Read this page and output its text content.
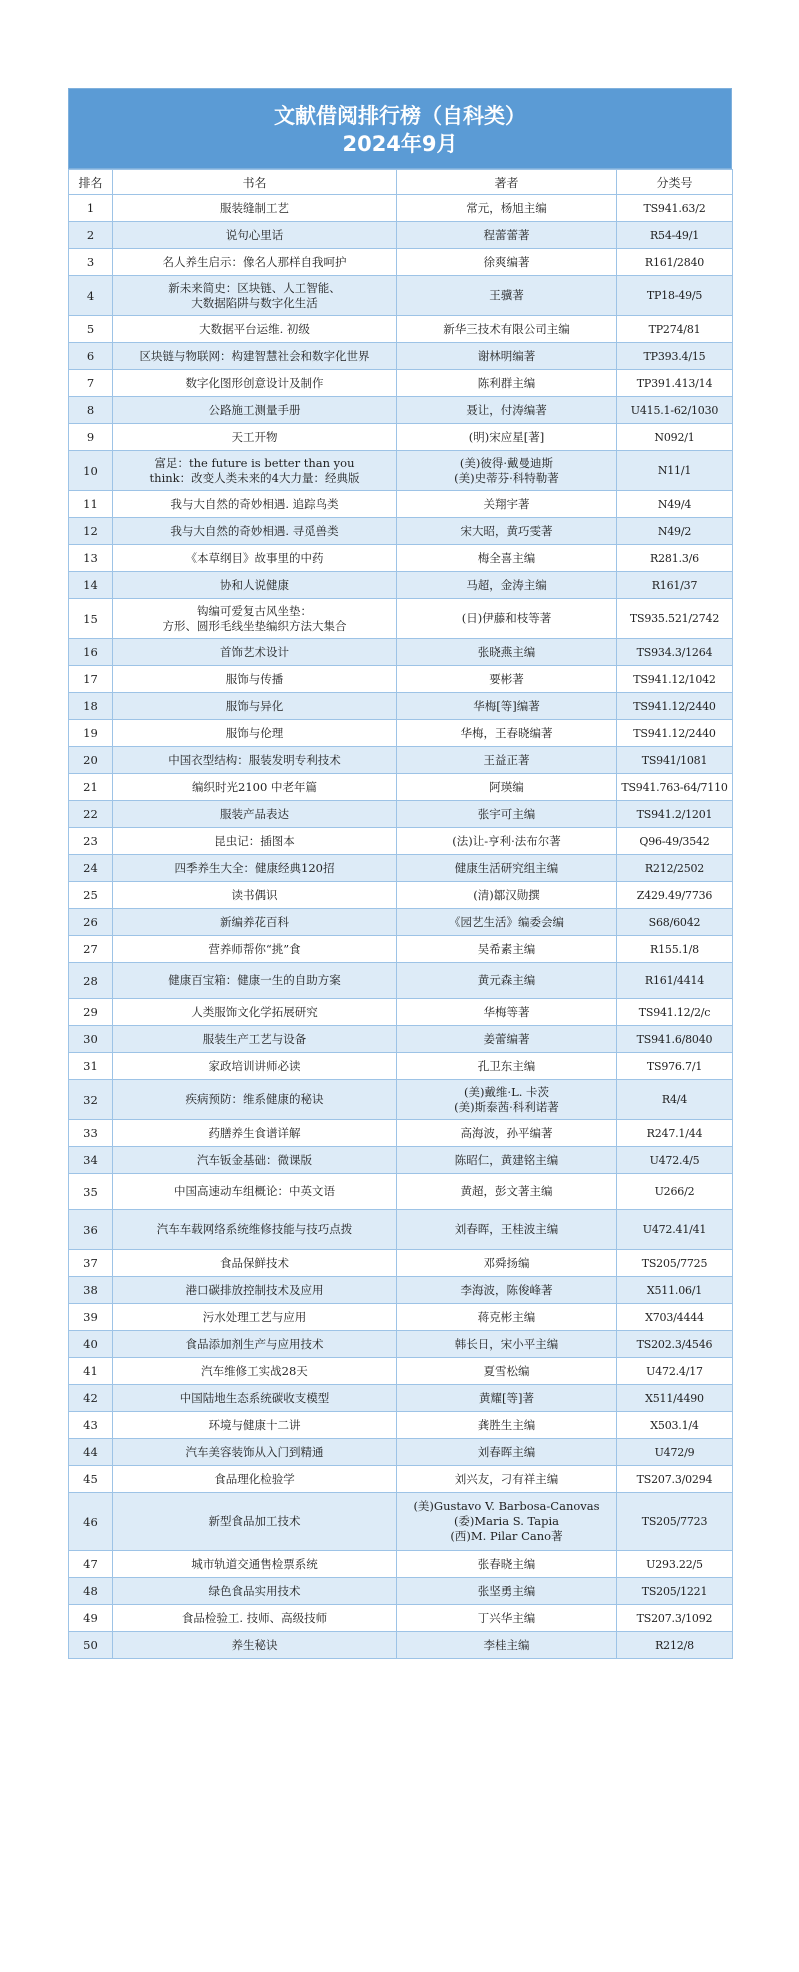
文献借阅排行榜（自科类）
2024年9月
排名	书名	著者	分类号
1	服装缝制工艺	常元，杨旭主编	TS941.63/2
2	说句心里话	程蕾蕾著	R54-49/1
3	名人养生启示：像名人那样自我呵护	徐爽编著	R161/2840
4	新未来简史：区块链、人工智能、
大数据陷阱与数字化生活	王骥著	TP18-49/5
5	大数据平台运维. 初级	新华三技术有限公司主编	TP274/81
6	区块链与物联网：构建智慧社会和数字化世界	谢林明编著	TP393.4/15
7	数字化图形创意设计及制作	陈利群主编	TP391.413/14
8	公路施工测量手册	聂让，付涛编著	U415.1-62/1030
9	天工开物	(明)宋应星[著]	N092/1
10	富足：the future is better than you
think：改变人类未来的4大力量：经典版	(美)彼得·戴曼迪斯
(美)史蒂芬·科特勒著	N11/1
11	我与大自然的奇妙相遇. 追踪鸟类	关翔宇著	N49/4
12	我与大自然的奇妙相遇. 寻觅兽类	宋大昭，黄巧雯著	N49/2
13	《本草纲目》故事里的中药	梅全喜主编	R281.3/6
14	协和人说健康	马超，金涛主编	R161/37
15	钩编可爱复古风坐垫：
方形、圆形毛线坐垫编织方法大集合	(日)伊藤和枝等著	TS935.521/2742
16	首饰艺术设计	张晓燕主编	TS934.3/1264
17	服饰与传播	要彬著	TS941.12/1042
18	服饰与异化	华梅[等]编著	TS941.12/2440
19	服饰与伦理	华梅，王春晓编著	TS941.12/2440
20	中国衣型结构：服装发明专利技术	王益正著	TS941/1081
21	编织时光2100 中老年篇	阿瑛编	TS941.763-64/7110
22	服装产品表达	张宇可主编	TS941.2/1201
23	昆虫记：插图本	(法)让-亨利·法布尔著	Q96-49/3542
24	四季养生大全：健康经典120招	健康生活研究组主编	R212/2502
25	读书偶识	(清)鄒汉勋撰	Z429.49/7736
26	新编养花百科	《园艺生活》编委会编	S68/6042
27	营养师帮你“挑”食	吴希素主编	R155.1/8
28	健康百宝箱：健康一生的自助方案	黄元森主编	R161/4414
29	人类服饰文化学拓展研究	华梅等著	TS941.12/2/c
30	服装生产工艺与设备	姜蕾编著	TS941.6/8040
31	家政培训讲师必读	孔卫东主编	TS976.7/1
32	疾病预防：维系健康的秘诀	(美)戴维·L. 卡茨
(美)斯泰茜·科利诺著	R4/4
33	药膳养生食谱详解	高海波，孙平编著	R247.1/44
34	汽车钣金基础：微课版	陈昭仁，黄建铭主编	U472.4/5
35	中国高速动车组概论：中英文语	黄超，彭文著主编	U266/2
36	汽车车载网络系统维修技能与技巧点拨	刘春晖，王桂波主编	U472.41/41
37	食品保鲜技术	邓舜扬编	TS205/7725
38	港口碳排放控制技术及应用	李海波，陈俊峰著	X511.06/1
39	污水处理工艺与应用	蒋克彬主编	X703/4444
40	食品添加剂生产与应用技术	韩长日，宋小平主编	TS202.3/4546
41	汽车维修工实战28天	夏雪松编	U472.4/17
42	中国陆地生态系统碳收支模型	黄耀[等]著	X511/4490
43	环境与健康十二讲	龚胜生主编	X503.1/4
44	汽车美容装饰从入门到精通	刘春晖主编	U472/9
45	食品理化检验学	刘兴友，刁有祥主编	TS207.3/0294
46	新型食品加工技术	(美)Gustavo V. Barbosa-Canovas
(委)Maria S. Tapia
(西)M. Pilar Cano著	TS205/7723
47	城市轨道交通售检票系统	张春晓主编	U293.22/5
48	绿色食品实用技术	张坚勇主编	TS205/1221
49	食品检验工. 技师、高级技师	丁兴华主编	TS207.3/1092
50	养生秘诀	李桂主编	R212/8
